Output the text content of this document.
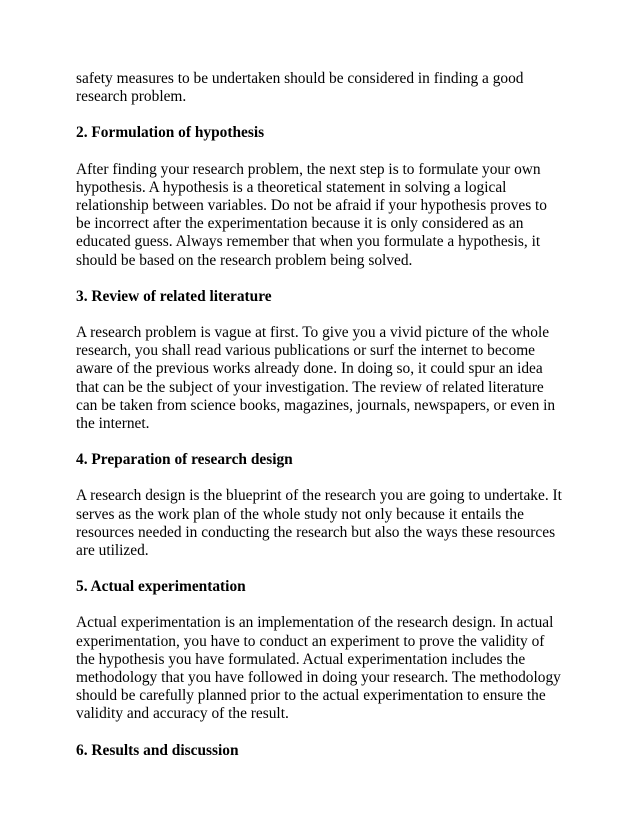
safety measures to be undertaken should be considered in finding a good research problem.

2. Formulation of hypothesis

After finding your research problem, the next step is to formulate your own hypothesis. A hypothesis is a theoretical statement in solving a logical relationship between variables. Do not be afraid if your hypothesis proves to be incorrect after the experimentation because it is only considered as an educated guess. Always remember that when you formulate a hypothesis, it should be based on the research problem being solved.

3. Review of related literature

A research problem is vague at first. To give you a vivid picture of the whole research, you shall read various publications or surf the internet to become aware of the previous works already done. In doing so, it could spur an idea that can be the subject of your investigation. The review of related literature can be taken from science books, magazines, journals, newspapers, or even in the internet.

4. Preparation of research design

A research design is the blueprint of the research you are going to undertake. It serves as the work plan of the whole study not only because it entails the resources needed in conducting the research but also the ways these resources are utilized.

5. Actual experimentation

Actual experimentation is an implementation of the research design. In actual experimentation, you have to conduct an experiment to prove the validity of the hypothesis you have formulated. Actual experimentation includes the methodology that you have followed in doing your research. The methodology should be carefully planned prior to the actual experimentation to ensure the validity and accuracy of the result.

6. Results and discussion
